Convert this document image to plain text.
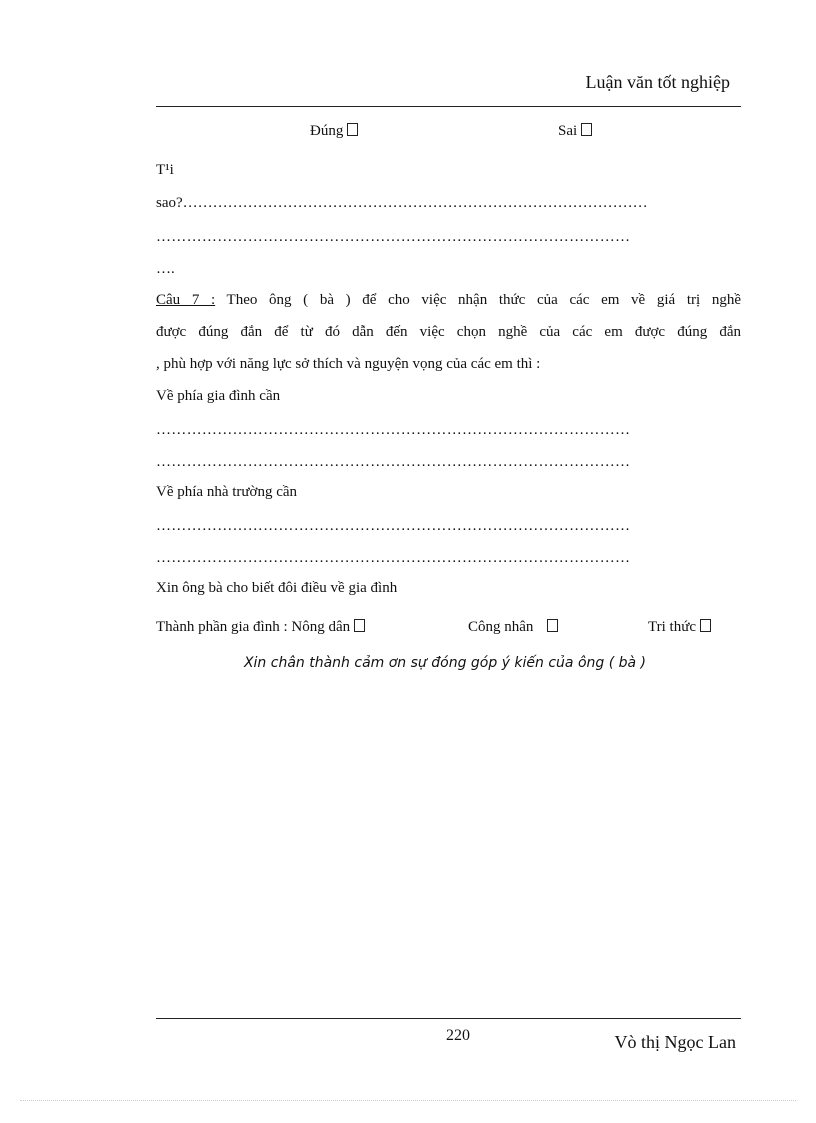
Luận văn tốt nghiệp
Đúng	Sai
T¹i
sao?…………………………………………………………………………………
…………………………………………………………………………………
….
Câu 7 : Theo ông ( bà ) để cho việc nhận thức của các em về giá trị nghề
được đúng đắn để từ đó dẫn đến việc chọn nghề của các em được đúng đắn
, phù hợp với năng lực sở thích và nguyện vọng của các em thì :
Về phía gia đình cần
…………………………………………………………………………………
…………………………………………………………………………………
Về phía nhà trường cần
…………………………………………………………………………………
…………………………………………………………………………………
Xin ông bà cho biết đôi điều về gia đình
Thành phần gia đình : Nông dân	Công nhân	Tri thức
Xin chân thành cảm ơn sự đóng góp ý kiến của ông ( bà )
220	Vò thị Ngọc Lan
